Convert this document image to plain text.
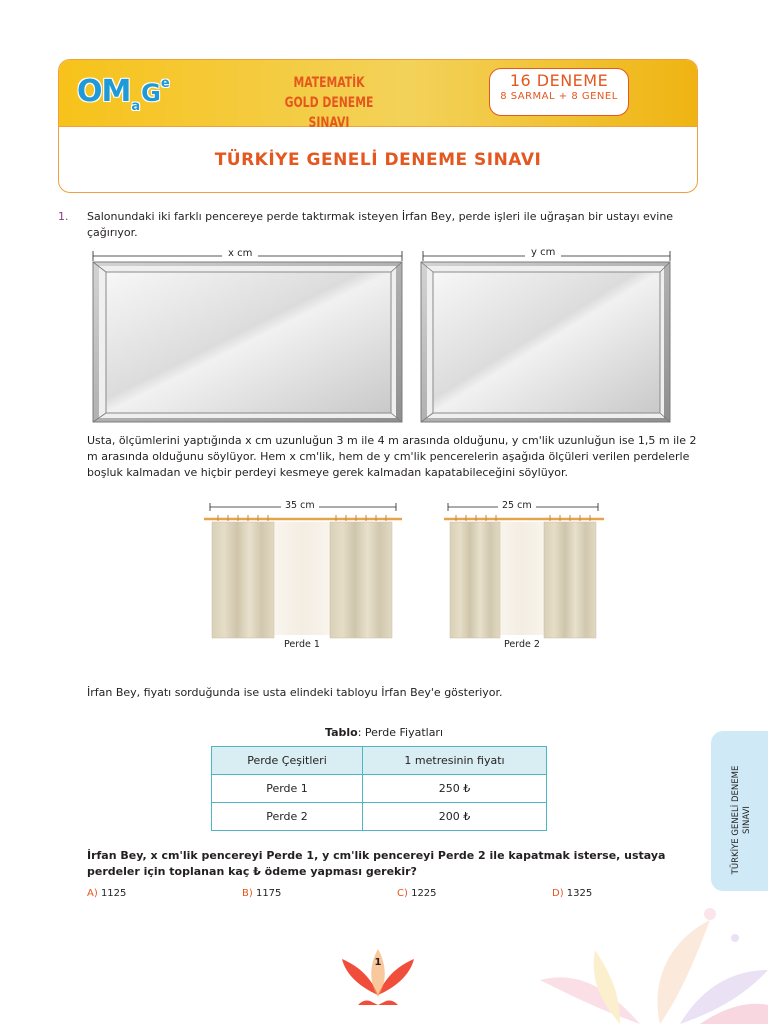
$OM_aG^e$	MATEMATİK
GOLD DENEME SINAVI
16 DENEME
8 SARMAL + 8 GENEL
TÜRKİYE GENELİ DENEME SINAVI
1. Salonundaki iki farklı pencereye perde taktırmak isteyen İrfan Bey, perde işleri ile uğraşan bir ustayı evine çağırıyor.
x cm	y cm
Usta, ölçümlerini yaptığında x cm uzunluğun 3 m ile 4 m arasında olduğunu, y cm'lik uzunluğun ise 1,5 m ile 2 m arasında olduğunu söylüyor. Hem x cm'lik, hem de y cm'lik pencerelerin aşağıda ölçüleri verilen perdelerle boşluk kalmadan ve hiçbir perdeyi kesmeye gerek kalmadan kapatabileceğini söylüyor.
35 cm	25 cm
Perde 1	Perde 2
İrfan Bey, fiyatı sorduğunda ise usta elindeki tabloyu İrfan Bey'e gösteriyor.
Tablo: Perde Fiyatları
Perde Çeşitleri	1 metresinin fiyatı
Perde 1	250 ₺
Perde 2	200 ₺
İrfan Bey, x cm'lik pencereyi Perde 1, y cm'lik pencereyi Perde 2 ile kapatmak isterse, ustaya perdeler için toplanan kaç ₺ ödeme yapması gerekir?
A) 1125	B) 1175	C) 1225	D) 1325
TÜRKİYE GENELİ DENEME SINAVI
1
